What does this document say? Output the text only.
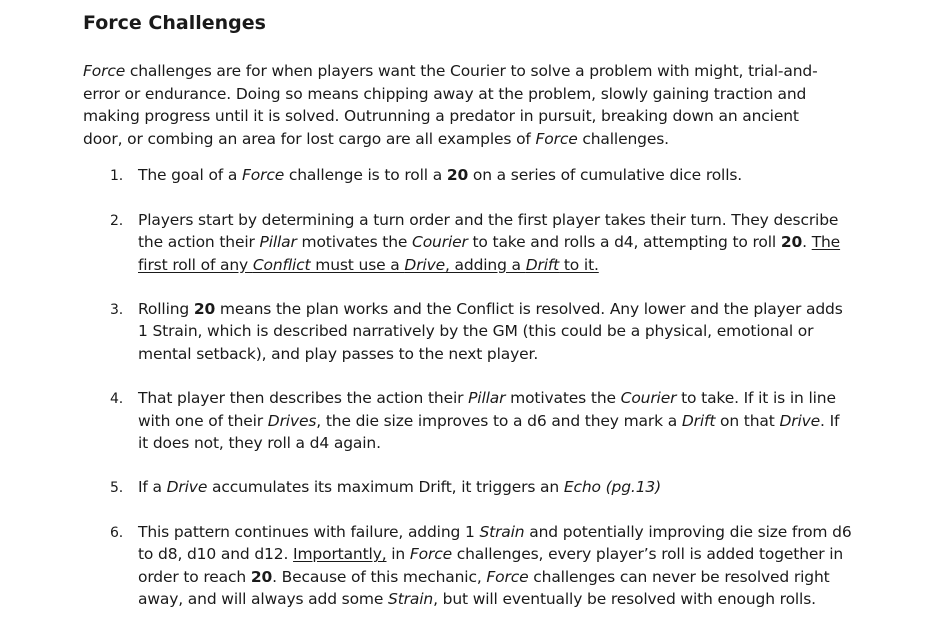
Force Challenges

Force challenges are for when players want the Courier to solve a problem with might, trial-and-error or endurance. Doing so means chipping away at the problem, slowly gaining traction and making progress until it is solved. Outrunning a predator in pursuit, breaking down an ancient door, or combing an area for lost cargo are all examples of Force challenges.

1. The goal of a Force challenge is to roll a 20 on a series of cumulative dice rolls.
2. Players start by determining a turn order and the first player takes their turn. They describe the action their Pillar motivates the Courier to take and rolls a d4, attempting to roll 20. The first roll of any Conflict must use a Drive, adding a Drift to it.
3. Rolling 20 means the plan works and the Conflict is resolved. Any lower and the player adds 1 Strain, which is described narratively by the GM (this could be a physical, emotional or mental setback), and play passes to the next player.
4. That player then describes the action their Pillar motivates the Courier to take. If it is in line with one of their Drives, the die size improves to a d6 and they mark a Drift on that Drive. If it does not, they roll a d4 again.
5. If a Drive accumulates its maximum Drift, it triggers an Echo (pg.13)
6. This pattern continues with failure, adding 1 Strain and potentially improving die size from d6 to d8, d10 and d12. Importantly, in Force challenges, every player’s roll is added together in order to reach 20. Because of this mechanic, Force challenges can never be resolved right away, and will always add some Strain, but will eventually be resolved with enough rolls.
